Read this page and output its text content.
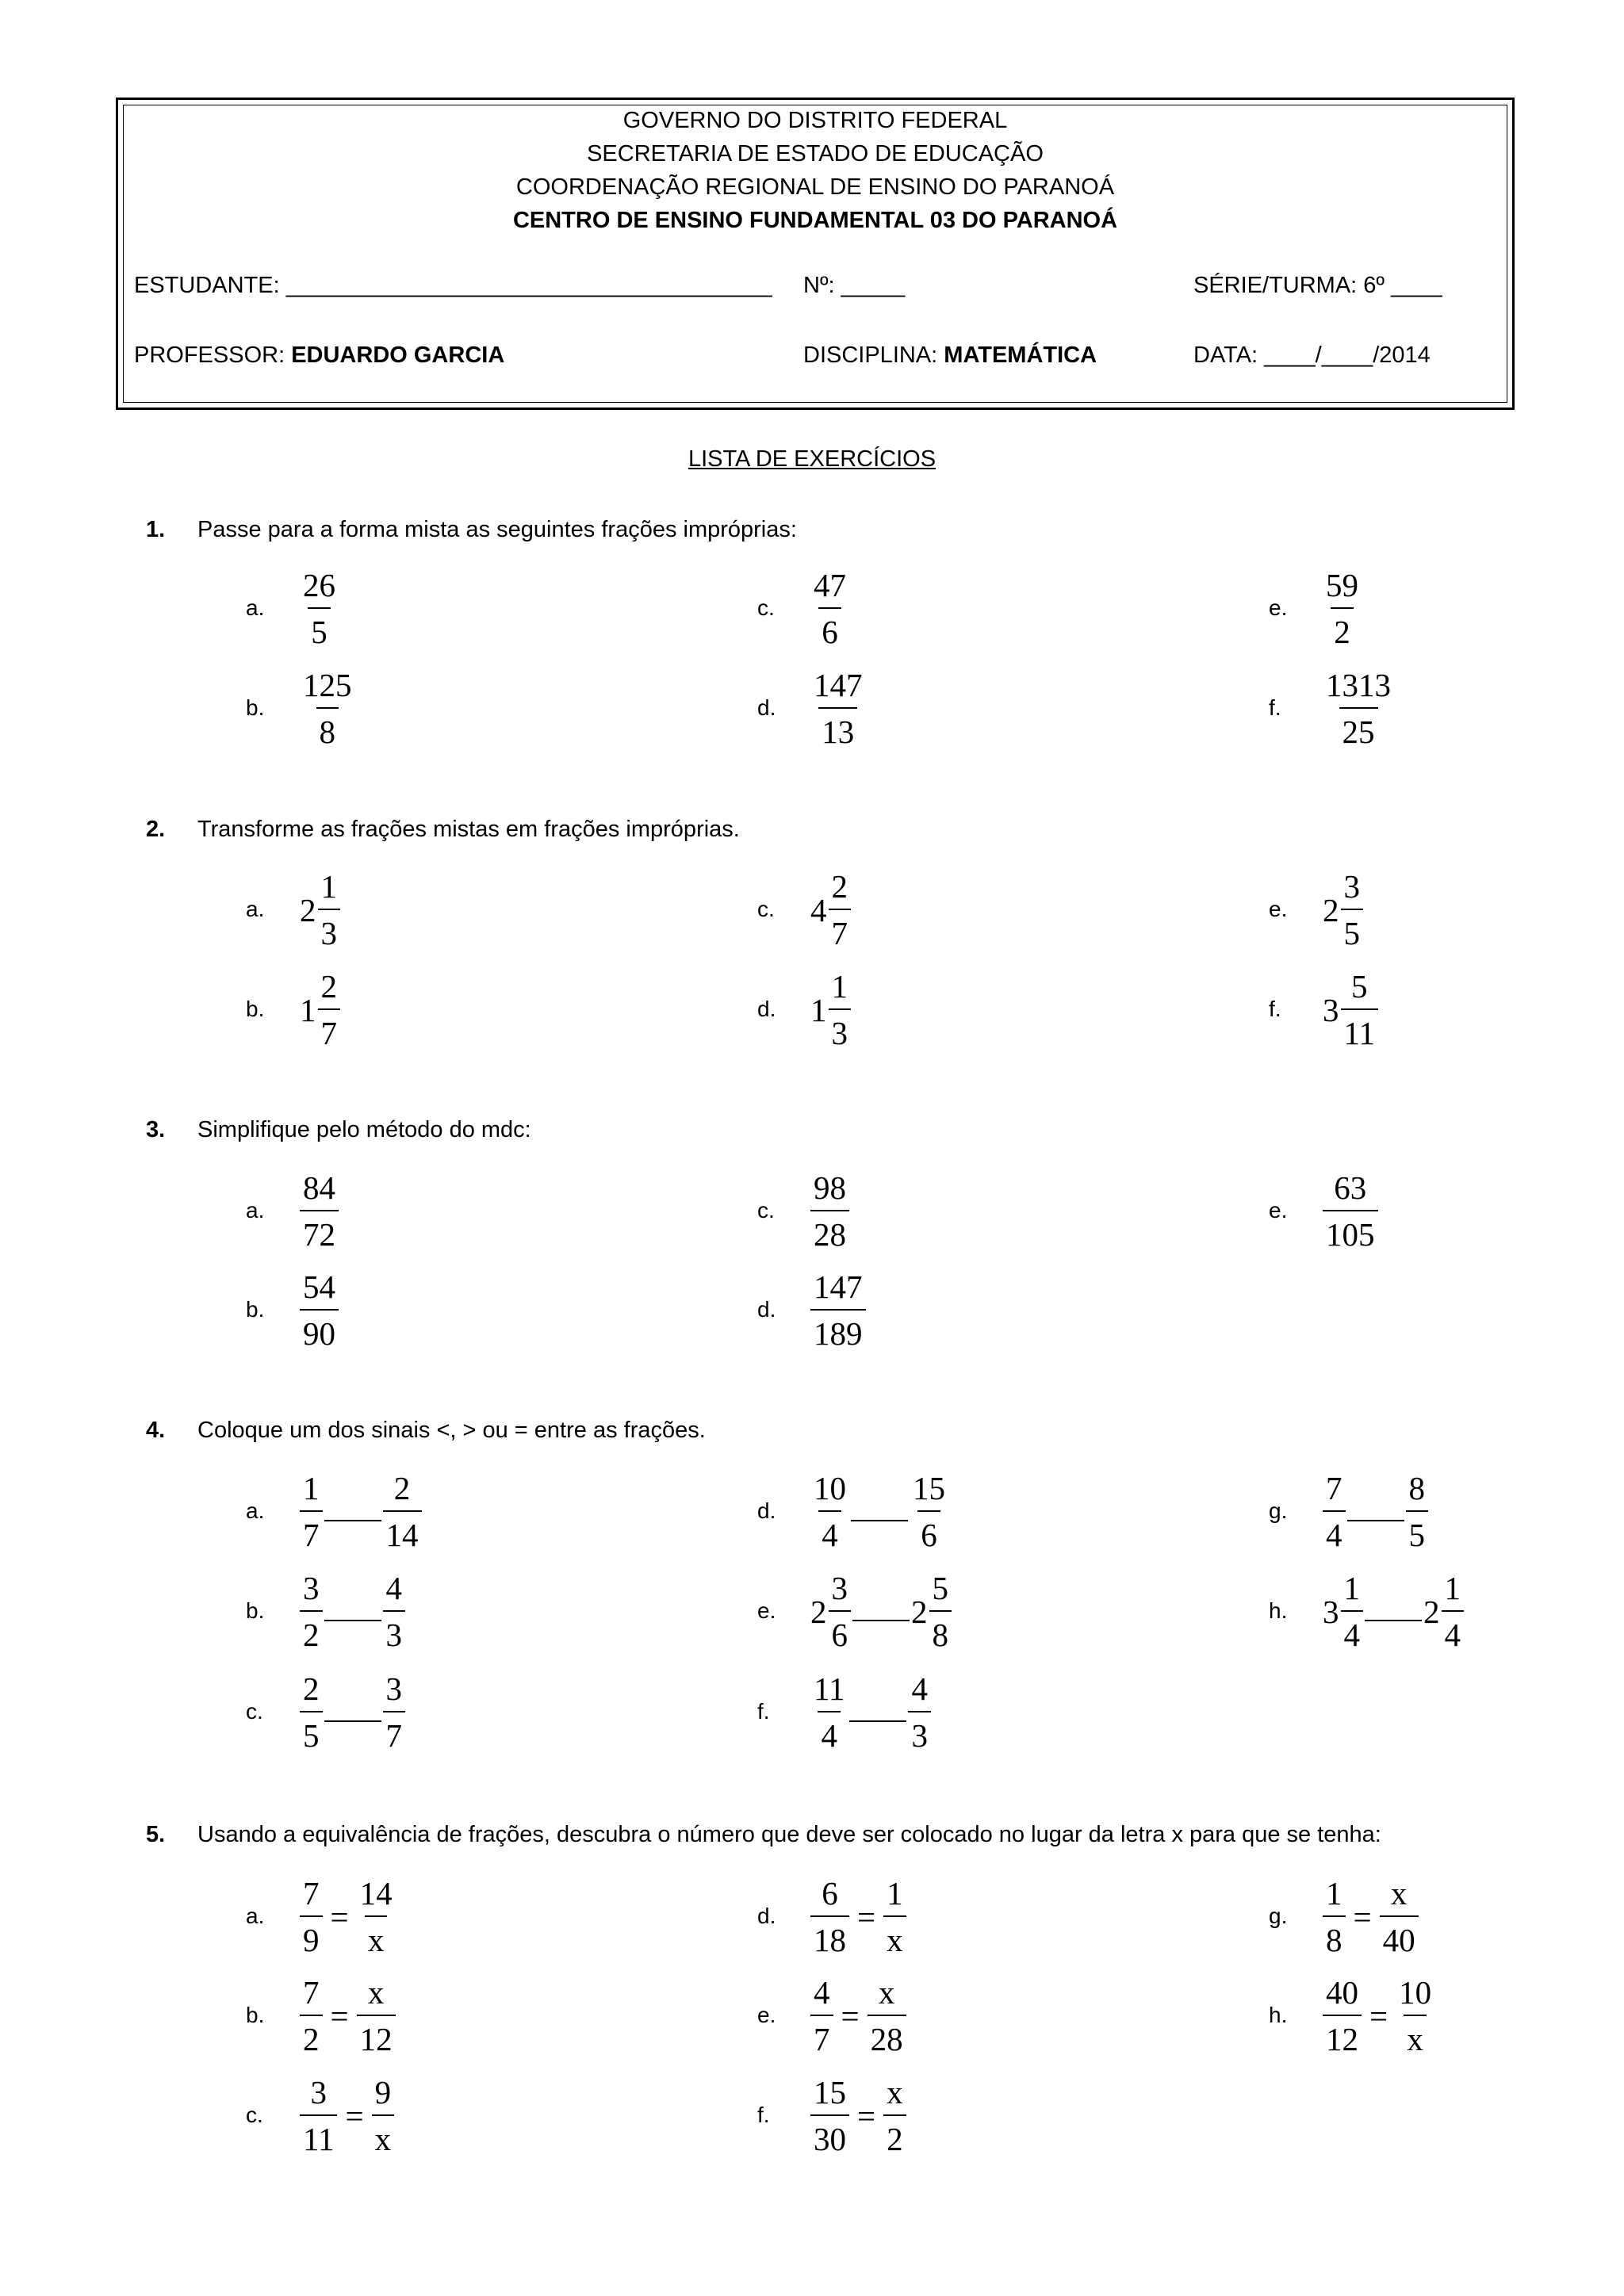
GOVERNO DO DISTRITO FEDERAL
SECRETARIA DE ESTADO DE EDUCAÇÃO
COORDENAÇÃO REGIONAL DE ENSINO DO PARANOÁ
CENTRO DE ENSINO FUNDAMENTAL 03 DO PARANOÁ
ESTUDANTE: ______________________________________ Nº: _____	SÉRIE/TURMA: 6º ____
PROFESSOR: EDUARDO GARCIA	DISCIPLINA: MATEMÁTICA	DATA: ____/____/2014
LISTA DE EXERCÍCIOS
1. Passe para a forma mista as seguintes frações impróprias:
2. Transforme as frações mistas em frações impróprias.
3. Simplifique pelo método do mdc:
4. Coloque um dos sinais <, > ou = entre as frações.
5. Usando a equivalência de frações, descubra o número que deve ser colocado no lugar da letra x para que se tenha:
a. $\frac{26}{5}$
b. $\frac{125}{8}$
c. $\frac{47}{6}$
d. $\frac{147}{13}$
e. $\frac{59}{2}$
f. $\frac{1313}{25}$
a. $2 \frac{1}{3}$
b. $1 \frac{2}{7}$
c. $4 \frac{2}{7}$
d. $1 \frac{1}{3}$
e. $2 \frac{3}{5}$
f. $3 \frac{5}{11}$
a. $\frac{84}{72}$
b. $\frac{54}{90}$
c. $\frac{98}{28}$
d. $\frac{147}{189}$
e. $\frac{63}{105}$
a. $\frac{1}{7} \frac{2}{14}$
b. $\frac{3}{2} \frac{4}{3}$
c. $\frac{2}{5} \frac{3}{7}$
d. $\frac{10}{4} \frac{15}{6}$
e. $2 \frac{3}{6} 2 \frac{5}{8}$
f. $\frac{11}{4} \frac{4}{3}$
g. $\frac{7}{4} \frac{8}{5}$
h. $3 \frac{1}{4} 2 \frac{1}{4}$
a. $\frac{7}{9} = \frac{14}{x}$
b. $\frac{7}{2} = \frac{x}{12}$
c. $\frac{3}{11} = \frac{9}{x}$
d. $\frac{6}{18} = \frac{1}{x}$
e. $\frac{4}{7} = \frac{x}{28}$
f. $\frac{15}{30} = \frac{x}{2}$
g. $\frac{1}{8} = \frac{x}{40}$
h. $\frac{40}{12} = \frac{10}{x}$
